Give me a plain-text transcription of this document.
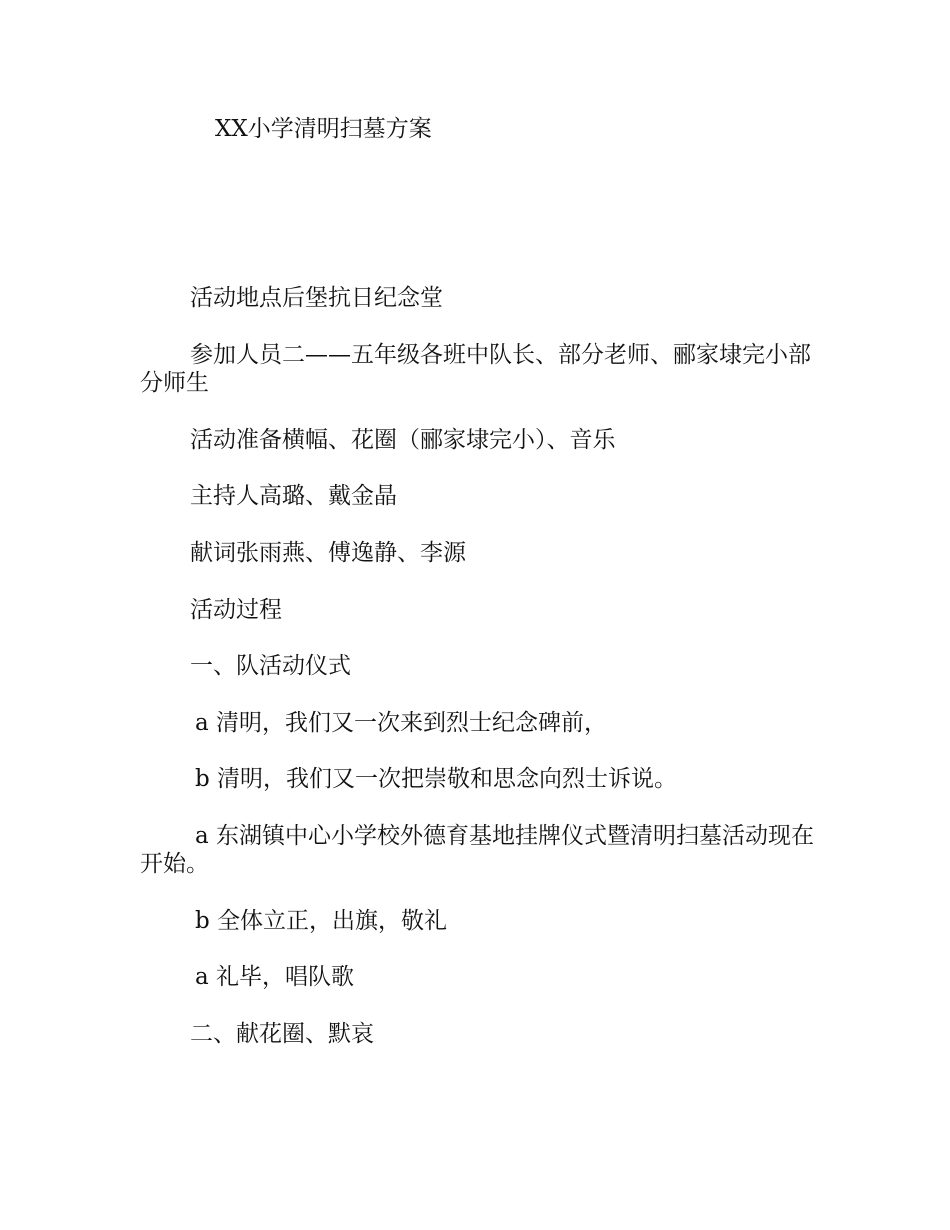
XX小学清明扫墓方案
活动地点后堡抗日纪念堂
参加人员二——五年级各班中队长、部分老师、郦家埭完小部分师生
活动准备横幅、花圈（郦家埭完小）、音乐
主持人高璐、戴金晶
献词张雨燕、傅逸静、李源
活动过程
一、队活动仪式
a 清明，我们又一次来到烈士纪念碑前，
b 清明，我们又一次把崇敬和思念向烈士诉说。
a 东湖镇中心小学校外德育基地挂牌仪式暨清明扫墓活动现在开始。
b 全体立正，出旗，敬礼
a 礼毕，唱队歌
二、献花圈、默哀
